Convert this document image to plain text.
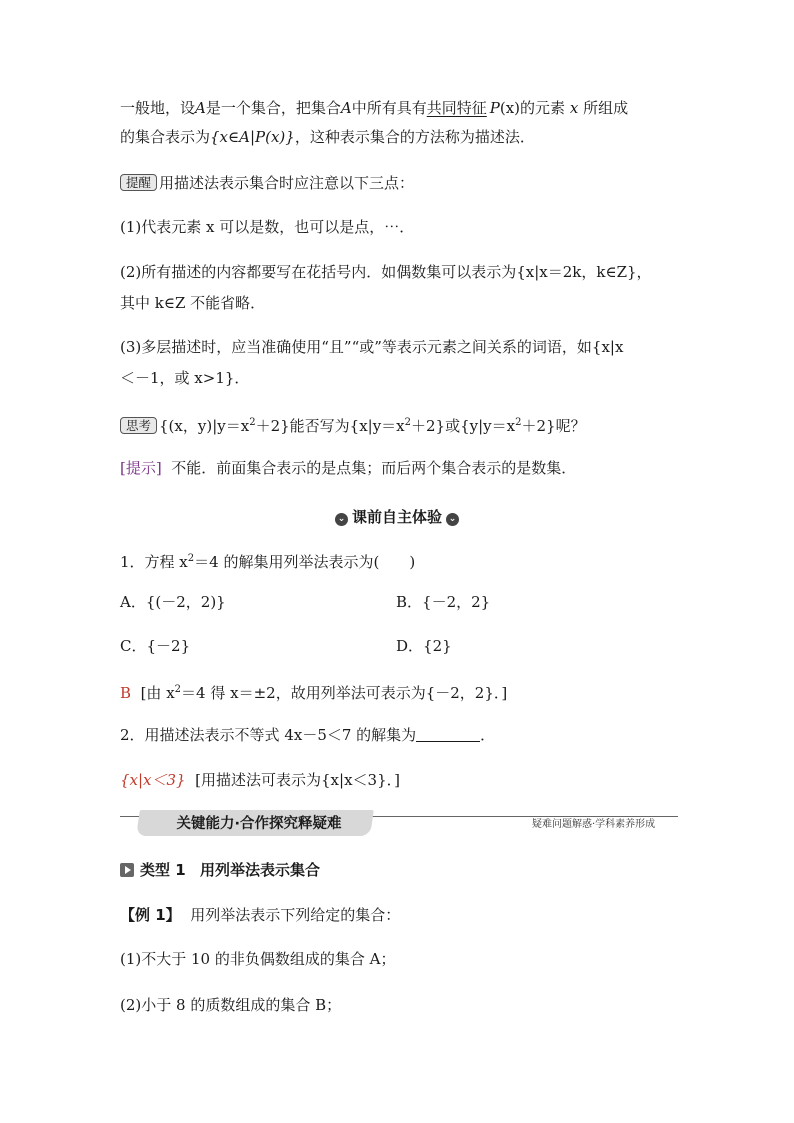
一般地，设A是一个集合，把集合A中所有具有共同特征 P(x)的元素 x 所组成
的集合表示为{x∈A|P(x)}，这种表示集合的方法称为描述法．
提醒 用描述法表示集合时应注意以下三点：
(1)代表元素 x 可以是数，也可以是点，⋯．
(2)所有描述的内容都要写在花括号内．如偶数集可以表示为{x|x＝2k，k∈Z}，
其中 k∈Z 不能省略．
(3)多层描述时，应当准确使用“且”“或”等表示元素之间关系的词语，如{x|x
＜－1，或 x>1}．
思考 {(x，$y)|y=x^2+2$}能否写为$\{x|y=x^2+2\}$或$\{y|y=x^2+2\}$呢？
[提示] 不能．前面集合表示的是点集；而后两个集合表示的是数集．
⌄ 课前自主体验 ⌄
1．方程 $x^2=4$ 的解集用列举法表示为(　　)
A．{(－2，2)}	B．{－2，2}
C．{－2}	D．{2}
B [由 $x^2=4$ 得 x＝±2，故用列举法可表示为{－2，2}．]
2．用描述法表示不等式 4x－5＜7 的解集为	．
{x|x＜3} [用描述法可表示为{x|x＜3}．]
关键能力·合作探究释疑难	疑难问题解惑·学科素养形成
类型 1 用列举法表示集合
【例 1】 用列举法表示下列给定的集合：
(1)不大于 10 的非负偶数组成的集合 A；
(2)小于 8 的质数组成的集合 B；
